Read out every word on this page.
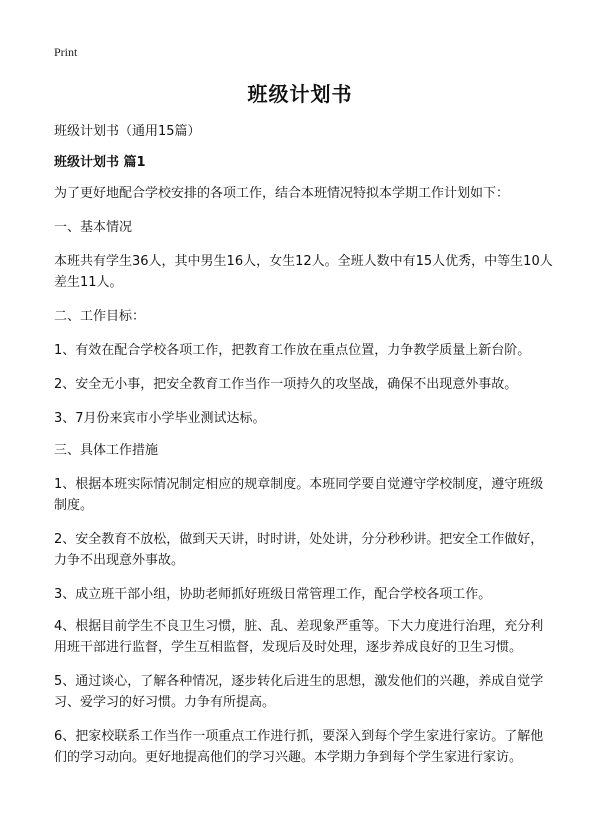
Print
班级计划书

班级计划书（通用15篇）

班级计划书 篇1

为了更好地配合学校安排的各项工作，结合本班情况特拟本学期工作计划如下：

一、基本情况

本班共有学生36人，其中男生16人，女生12人。全班人数中有15人优秀，中等生10人差生11人。

二、工作目标：

1、有效在配合学校各项工作，把教育工作放在重点位置，力争教学质量上新台阶。

2、安全无小事，把安全教育工作当作一项持久的攻坚战，确保不出现意外事故。

3、7月份来宾市小学毕业测试达标。

三、具体工作措施

1、根据本班实际情况制定相应的规章制度。本班同学要自觉遵守学校制度，遵守班级制度。

2、安全教育不放松，做到天天讲，时时讲，处处讲，分分秒秒讲。把安全工作做好，力争不出现意外事故。

3、成立班干部小组，协助老师抓好班级日常管理工作，配合学校各项工作。

4、根据目前学生不良卫生习惯，脏、乱、差现象严重等。下大力度进行治理，充分利用班干部进行监督，学生互相监督，发现后及时处理，逐步养成良好的卫生习惯。

5、通过谈心，了解各种情况，逐步转化后进生的思想，激发他们的兴趣，养成自觉学习、爱学习的好习惯。力争有所提高。

6、把家校联系工作当作一项重点工作进行抓，要深入到每个学生家进行家访。了解他们的学习动向。更好地提高他们的学习兴趣。本学期力争到每个学生家进行家访。
